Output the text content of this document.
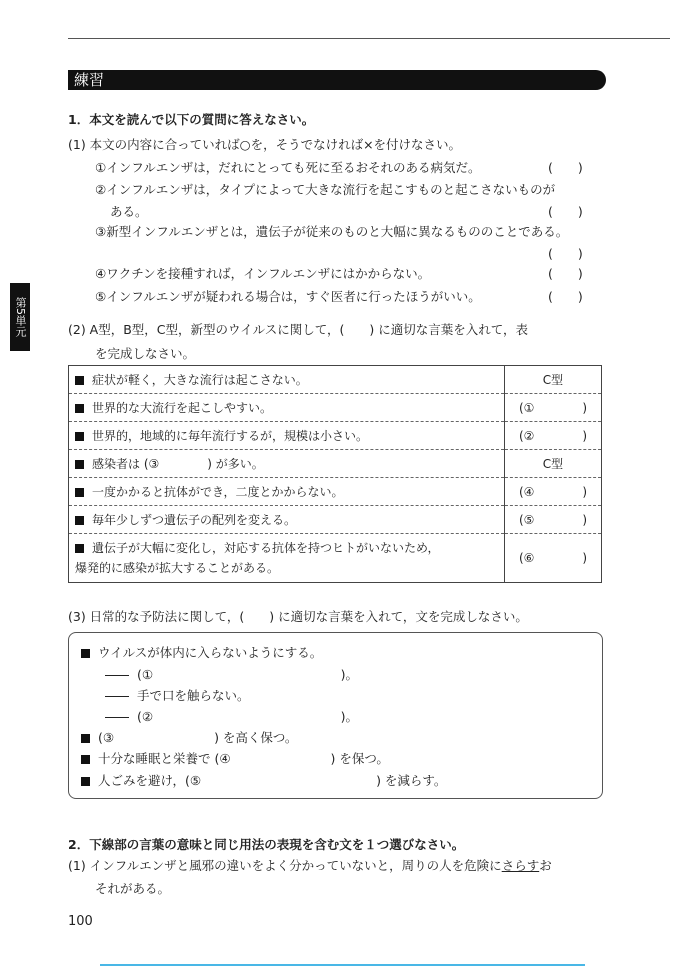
練習
第5単元
1．本文を読んで以下の質問に答えなさい。
(1) 本文の内容に合っていれば○を，そうでなければ×を付けなさい。
①インフルエンザは，だれにとっても死に至るおそれのある病気だ。	(　　)
②インフルエンザは，タイプによって大きな流行を起こすものと起こさないものが
ある。	(　　)
③新型インフルエンザとは，遺伝子が従来のものと大幅に異なるもののことである。
(　　)
④ワクチンを接種すれば，インフルエンザにはかからない。	(　　)
⑤インフルエンザが疑われる場合は，すぐ医者に行ったほうがいい。	(　　)
(2) A型，B型，C型，新型のウイルスに関して，(　　) に適切な言葉を入れて，表
を完成しなさい。
症状が軽く，大きな流行は起こさない。	C型
世界的な大流行を起こしやすい。	(①　　　　)
世界的，地域的に毎年流行するが，規模は小さい。	(②　　　　)
感染者は (③　　　　) が多い。	C型
一度かかると抗体ができ，二度とかからない。	(④　　　　)
毎年少しずつ遺伝子の配列を変える。	(⑤　　　　)
遺伝子が大幅に変化し，対応する抗体を持つヒトがいないため，
爆発的に感染が拡大することがある。	(⑥　　　　)
(3) 日常的な予防法に関して，(　　) に適切な言葉を入れて，文を完成しなさい。
ウイルスが体内に入らないようにする。
(①　　　　　　　　　　　　　　　)。
手で口を触らない。
(②　　　　　　　　　　　　　　　)。
(③　　　　　　　　) を高く保つ。
十分な睡眠と栄養で (④　　　　　　　　) を保つ。
人ごみを避け，(⑤　　　　　　　　　　　　　　) を減らす。
2．下線部の言葉の意味と同じ用法の表現を含む文を１つ選びなさい。
(1) インフルエンザと風邪の違いをよく分かっていないと，周りの人を危険にさらすお
それがある。
100
